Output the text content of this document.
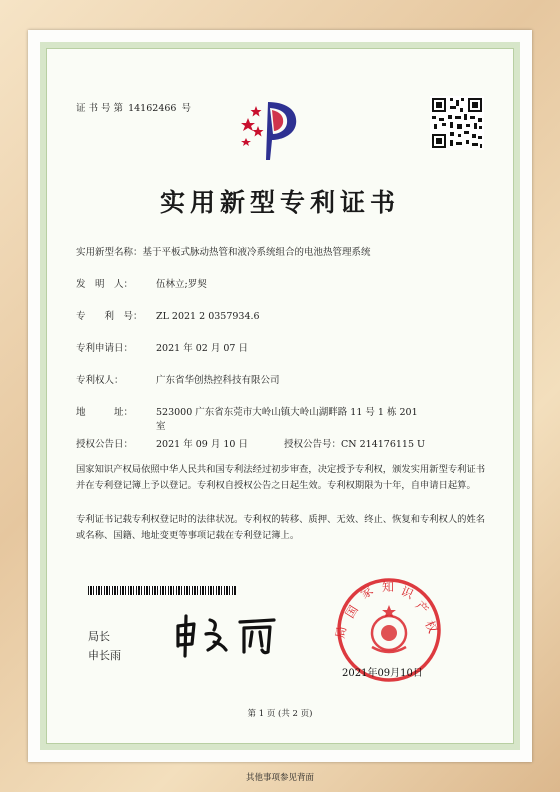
证 书 号 第 14162466 号
实用新型专利证书
实用新型名称：基于平板式脉动热管和液冷系统组合的电池热管理系统
发　明　人： 伍林立;罗契
专　　利　号： ZL 2021 2 0357934.6
专利申请日： 2021 年 02 月 07 日
专利权人：	广东省华创热控科技有限公司
地　　　址： 523000 广东省东莞市大岭山镇大岭山湖畔路 11 号 1 栋 201
室
授权公告日： 2021 年 09 月 10 日	授权公告号：CN 214176115 U
国家知识产权局依照中华人民共和国专利法经过初步审查，决定授予专利权，颁发实用新型专利证书并在专利登记簿上予以登记。专利权自授权公告之日起生效。专利权期限为十年，自申请日起算。
专利证书记载专利权登记时的法律状况。专利权的转移、质押、无效、终止、恢复和专利权人的姓名或名称、国籍、地址变更等事项记载在专利登记簿上。
局长
申长雨
国
家 知 识
产
权
局
2021年09月10日
第 1 页 (共 2 页)
其他事项参见背面
